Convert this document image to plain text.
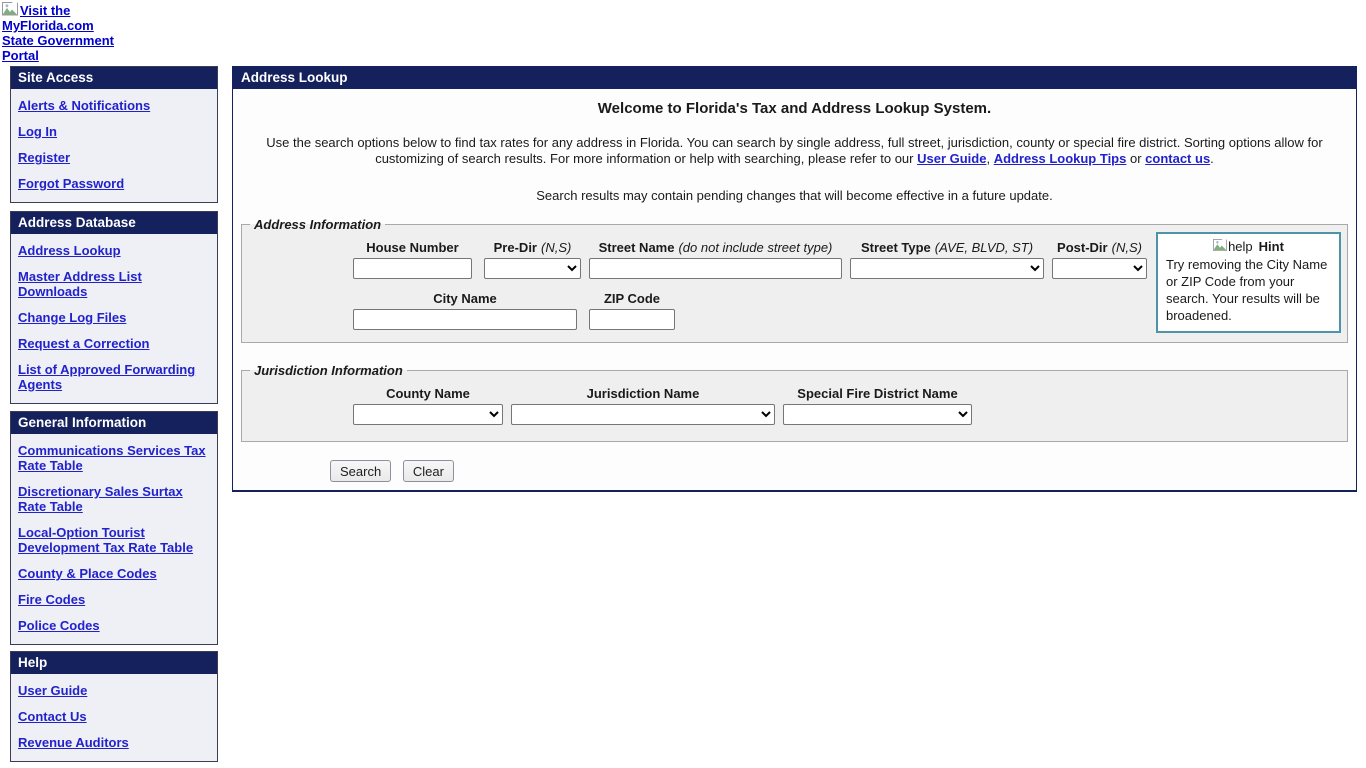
Visit the MyFlorida.com State Government Portal
Site Access
Alerts & Notifications
Log In
Register
Forgot Password
Address Database
Address Lookup
Master Address List Downloads
Change Log Files
Request a Correction
List of Approved Forwarding Agents
General Information
Communications Services Tax Rate Table
Discretionary Sales Surtax Rate Table
Local-Option Tourist Development Tax Rate Table
County & Place Codes
Fire Codes
Police Codes
Help
User Guide
Contact Us
Revenue Auditors
Address Lookup
Welcome to Florida's Tax and Address Lookup System.
Use the search options below to find tax rates for any address in Florida. You can search by single address, full street, jurisdiction, county or special fire district. Sorting options allow for customizing of search results. For more information or help with searching, please refer to our User Guide, Address Lookup Tips or contact us.
Search results may contain pending changes that will become effective in a future update.
Address Information
House Number	Pre-Dir (N,S) Street Name (do not include street type) Street Type (AVE, BLVD, ST) Post-Dir (N,S)
City Name	ZIP Code
Jurisdiction Information
County Name	Jurisdiction Name	Special Fire District Name
Search Clear
help Hint
Try removing the City Name or ZIP Code from your search. Your results will be broadened.
